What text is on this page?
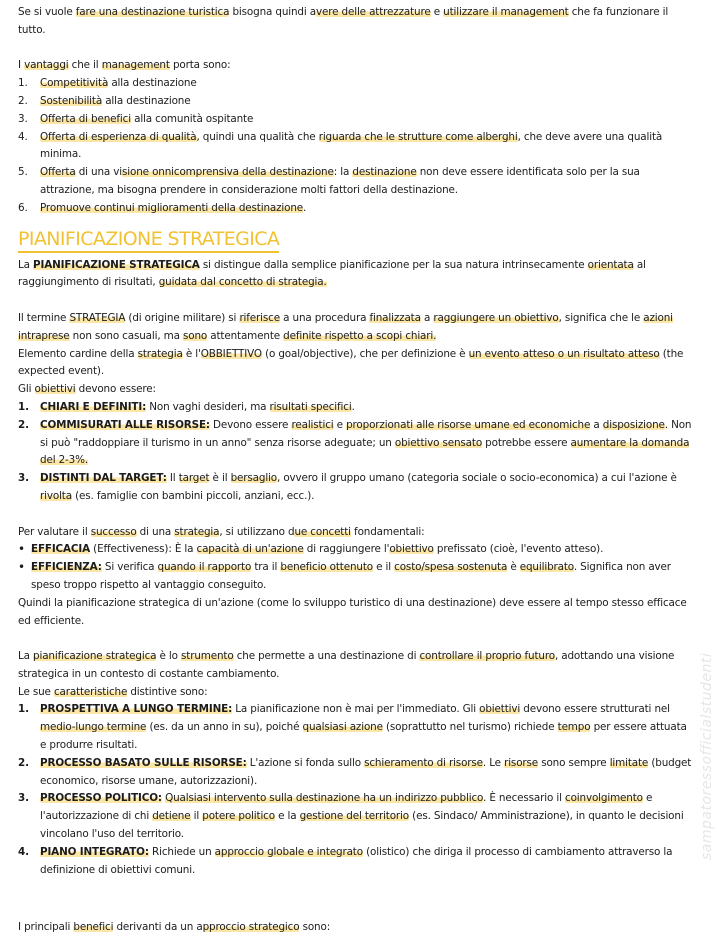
Se si vuole fare una destinazione turistica bisogna quindi avere delle attrezzature e utilizzare il management che fa funzionare il tutto.

I vantaggi che il management porta sono:

1. Competitività alla destinazione
2. Sostenibilità alla destinazione
3. Offerta di benefici alla comunità ospitante
4. Offerta di esperienza di qualità, quindi una qualità che riguarda che le strutture come alberghi, che deve avere una qualità minima.
5. Offerta di una visione onnicomprensiva della destinazione: la destinazione non deve essere identificata solo per la sua attrazione, ma bisogna prendere in considerazione molti fattori della destinazione.
6. Promuove continui miglioramenti della destinazione.
PIANIFICAZIONE STRATEGICA

La PIANIFICAZIONE STRATEGICA si distingue dalla semplice pianificazione per la sua natura intrinsecamente orientata al raggiungimento di risultati, guidata dal concetto di strategia.

Il termine STRATEGIA (di origine militare) si riferisce a una procedura finalizzata a raggiungere un obiettivo, significa che le azioni intraprese non sono casuali, ma sono attentamente definite rispetto a scopi chiari.

Elemento cardine della strategia è l'OBBIETTIVO (o goal/objective), che per definizione è un evento atteso o un risultato atteso (the expected event).

Gli obiettivi devono essere:

1. CHIARI E DEFINITI: Non vaghi desideri, ma risultati specifici.
2. COMMISURATI ALLE RISORSE: Devono essere realistici e proporzionati alle risorse umane ed economiche a disposizione. Non si può "raddoppiare il turismo in un anno" senza risorse adeguate; un obiettivo sensato potrebbe essere aumentare la domanda del 2-3%.
3. DISTINTI DAL TARGET: Il target è il bersaglio, ovvero il gruppo umano (categoria sociale o socio-economica) a cui l'azione è rivolta (es. famiglie con bambini piccoli, anziani, ecc.).

Per valutare il successo di una strategia, si utilizzano due concetti fondamentali:

• EFFICACIA (Effectiveness): È la capacità di un'azione di raggiungere l'obiettivo prefissato (cioè, l'evento atteso).
• EFFICIENZA: Si verifica quando il rapporto tra il beneficio ottenuto e il costo/spesa sostenuta è equilibrato. Significa non aver speso troppo rispetto al vantaggio conseguito.

Quindi la pianificazione strategica di un'azione (come lo sviluppo turistico di una destinazione) deve essere al tempo stesso efficace ed efficiente.

La pianificazione strategica è lo strumento che permette a una destinazione di controllare il proprio futuro, adottando una visione strategica in un contesto di costante cambiamento.

Le sue caratteristiche distintive sono:

1. PROSPETTIVA A LUNGO TERMINE: La pianificazione non è mai per l'immediato. Gli obiettivi devono essere strutturati nel medio-lungo termine (es. da un anno in su), poiché qualsiasi azione (soprattutto nel turismo) richiede tempo per essere attuata e produrre risultati.
2. PROCESSO BASATO SULLE RISORSE: L'azione si fonda sullo schieramento di risorse. Le risorse sono sempre limitate (budget economico, risorse umane, autorizzazioni).
3. PROCESSO POLITICO: Qualsiasi intervento sulla destinazione ha un indirizzo pubblico. È necessario il coinvolgimento e l'autorizzazione di chi detiene il potere politico e la gestione del territorio (es. Sindaco/ Amministrazione), in quanto le decisioni vincolano l'uso del territorio.
4. PIANO INTEGRATO: Richiede un approccio globale e integrato (olistico) che diriga il processo di cambiamento attraverso la definizione di obiettivi comuni.

I principali benefici derivanti da un approccio strategico sono:

sampatoressofficialstudenti
